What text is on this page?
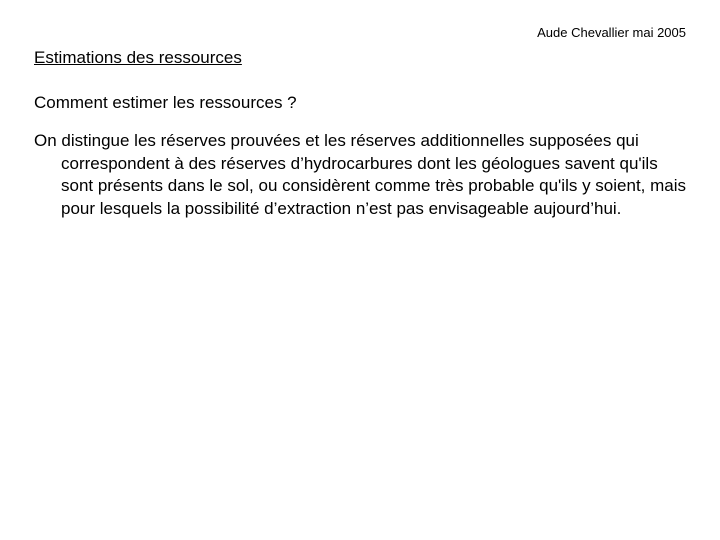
Aude Chevallier mai 2005
Estimations des ressources

Comment estimer les ressources ?

On distingue les réserves prouvées et les réserves additionnelles supposées qui correspondent à des réserves d’hydrocarbures dont les géologues savent qu'ils sont présents dans le sol, ou considèrent comme très probable qu'ils y soient, mais pour lesquels la possibilité d’extraction n’est pas envisageable aujourd’hui.
